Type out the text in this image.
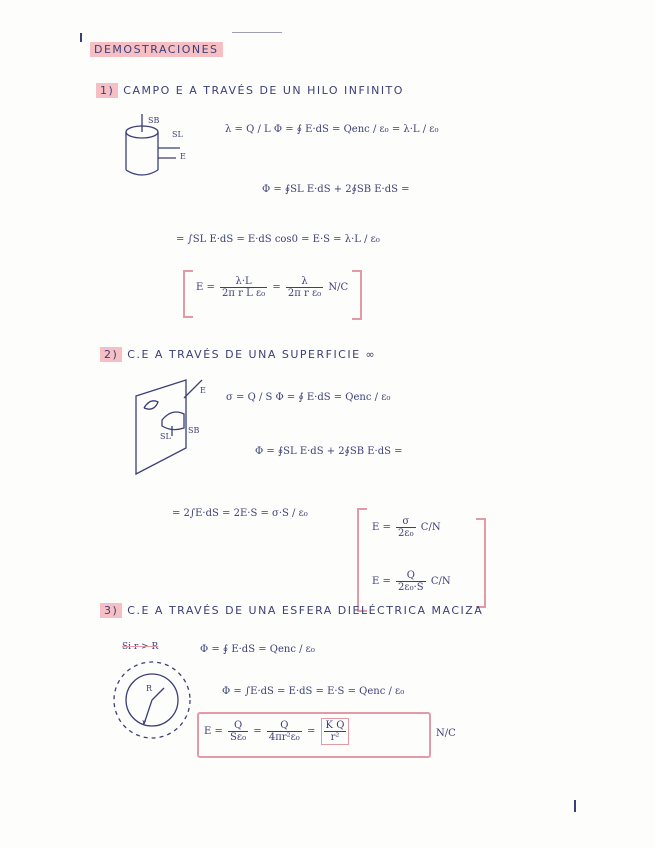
DEMOSTRACIONES
1) CAMPO E A TRAVÉS DE UN HILO INFINITO
SB
SL
E
λ = Q / L Φ = ∮ E·dS = Qenc / ε₀ = λ·L / ε₀
Φ = ∮SL E·dS + 2∮SB E·dS =
= ∫SL E·dS = E·dS cos0 = E·S = λ·L / ε₀
$E = \frac{\lambda\cdot L}{\text{2π r L ε₀}} = \frac{\lambda}{\text{2π r ε₀}} N/C$
2) C.E A TRAVÉS DE UNA SUPERFICIE ∞
E
SL
SB
σ = Q / S Φ = ∮ E·dS = Qenc / ε₀
Φ = ∮SL E·dS + 2∮SB E·dS =
= 2∫E·dS = 2E·S = σ·S / ε₀
$E = \frac{\sigma}{\text{2ε₀}} C/N$
$E = \frac{Q}{\text{2ε₀·S}} C/N$
3) C.E A TRAVÉS DE UNA ESFERA DIELÉCTRICA MACIZA
Si r > R
R
r
Φ = ∮ E·dS = Qenc / ε₀
Φ = ∫E·dS = E·dS = E·S = Qenc / ε₀
$E = \frac{Q}{\text{Sε₀}} = \frac{Q}{\text{4πr²ε₀}} = \frac{\text{K Q}}{\text{r²}}$	N/C
